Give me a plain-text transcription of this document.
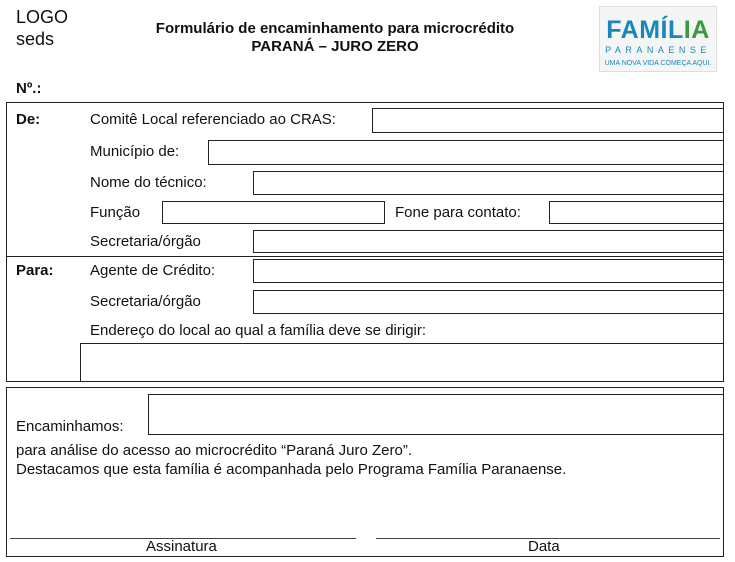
LOGO
seds
Formulário de encaminhamento para microcrédito
PARANÁ – JURO ZERO
FAMÍLIA
PARANAENSE
UMA NOVA VIDA COMEÇA AQUI.
Nº.:
De:	Comitê Local referenciado ao CRAS:
Município de:
Nome do técnico:
Função	Fone para contato:
Secretaria/órgão
Para: Agente de Crédito:
Secretaria/órgão
Endereço do local ao qual a família deve se dirigir:
Encaminhamos:
para análise do acesso ao microcrédito “Paraná Juro Zero”.
Destacamos que esta família é acompanhada pelo Programa Família Paranaense.
Assinatura	Data
